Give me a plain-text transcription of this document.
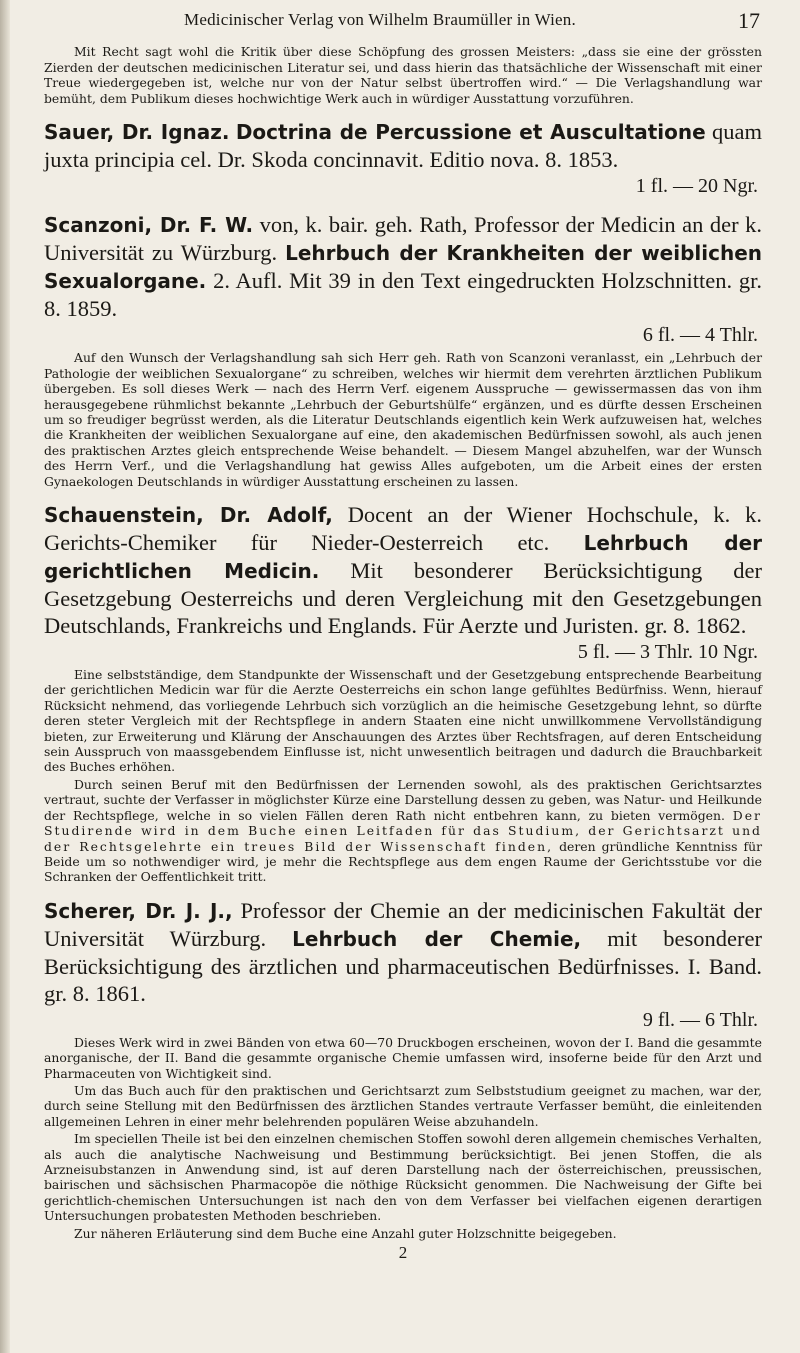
Medicinischer Verlag von Wilhelm Braumüller in Wien.	17

Mit Recht sagt wohl die Kritik über diese Schöpfung des grossen Meisters: „dass sie eine der grössten Zierden der deutschen medicinischen Literatur sei, und dass hierin das thatsächliche der Wissenschaft mit einer Treue wiedergegeben ist, welche nur von der Natur selbst übertroffen wird.“ — Die Verlagshandlung war bemüht, dem Publikum dieses hochwichtige Werk auch in würdiger Ausstattung vorzuführen.

Sauer, Dr. Ignaz. Doctrina de Percussione et Auscultatione quam juxta principia cel. Dr. Skoda concinnavit. Editio nova. 8. 1853.

1 fl. — 20 Ngr.

Scanzoni, Dr. F. W. von, k. bair. geh. Rath, Professor der Medicin an der k. Universität zu Würzburg. Lehrbuch der Krankheiten der weiblichen Sexualorgane. 2. Aufl. Mit 39 in den Text eingedruckten Holzschnitten. gr. 8. 1859.

6 fl. — 4 Thlr.

Auf den Wunsch der Verlagshandlung sah sich Herr geh. Rath von Scanzoni veranlasst, ein „Lehrbuch der Pathologie der weiblichen Sexualorgane“ zu schreiben, welches wir hiermit dem verehrten ärztlichen Publikum übergeben. Es soll dieses Werk — nach des Herrn Verf. eigenem Ausspruche — gewissermassen das von ihm herausgegebene rühmlichst bekannte „Lehrbuch der Geburtshülfe“ ergänzen, und es dürfte dessen Erscheinen um so freudiger begrüsst werden, als die Literatur Deutschlands eigentlich kein Werk aufzuweisen hat, welches die Krankheiten der weiblichen Sexualorgane auf eine, den akademischen Bedürfnissen sowohl, als auch jenen des praktischen Arztes gleich entsprechende Weise behandelt. — Diesem Mangel abzuhelfen, war der Wunsch des Herrn Verf., und die Verlagshandlung hat gewiss Alles aufgeboten, um die Arbeit eines der ersten Gynaekologen Deutschlands in würdiger Ausstattung erscheinen zu lassen.

Schauenstein, Dr. Adolf, Docent an der Wiener Hochschule, k. k. Gerichts-Chemiker für Nieder-Oesterreich etc. Lehrbuch der gerichtlichen Medicin. Mit besonderer Berücksichtigung der Gesetzgebung Oesterreichs und deren Vergleichung mit den Gesetzgebungen Deutschlands, Frankreichs und Englands. Für Aerzte und Juristen. gr. 8. 1862.

5 fl. — 3 Thlr. 10 Ngr.

Eine selbstständige, dem Standpunkte der Wissenschaft und der Gesetzgebung entsprechende Bearbeitung der gerichtlichen Medicin war für die Aerzte Oesterreichs ein schon lange gefühltes Bedürfniss. Wenn, hierauf Rücksicht nehmend, das vorliegende Lehrbuch sich vorzüglich an die heimische Gesetzgebung lehnt, so dürfte deren steter Vergleich mit der Rechtspflege in andern Staaten eine nicht unwillkommene Vervollständigung bieten, zur Erweiterung und Klärung der Anschauungen des Arztes über Rechtsfragen, auf deren Entscheidung sein Ausspruch von maassgebendem Einflusse ist, nicht unwesentlich beitragen und dadurch die Brauchbarkeit des Buches erhöhen.

Durch seinen Beruf mit den Bedürfnissen der Lernenden sowohl, als des praktischen Gerichtsarztes vertraut, suchte der Verfasser in möglichster Kürze eine Darstellung dessen zu geben, was Natur- und Heilkunde der Rechtspflege, welche in so vielen Fällen deren Rath nicht entbehren kann, zu bieten vermögen. Der Studirende wird in dem Buche einen Leitfaden für das Studium, der Gerichtsarzt und der Rechtsgelehrte ein treues Bild der Wissenschaft finden, deren gründliche Kenntniss für Beide um so nothwendiger wird, je mehr die Rechtspflege aus dem engen Raume der Gerichtsstube vor die Schranken der Oeffentlichkeit tritt.

Scherer, Dr. J. J., Professor der Chemie an der medicinischen Fakultät der Universität Würzburg. Lehrbuch der Chemie, mit besonderer Berücksichtigung des ärztlichen und pharmaceutischen Bedürfnisses. I. Band. gr. 8. 1861.

9 fl. — 6 Thlr.

Dieses Werk wird in zwei Bänden von etwa 60—70 Druckbogen erscheinen, wovon der I. Band die gesammte anorganische, der II. Band die gesammte organische Chemie umfassen wird, insoferne beide für den Arzt und Pharmaceuten von Wichtigkeit sind.

Um das Buch auch für den praktischen und Gerichtsarzt zum Selbststudium geeignet zu machen, war der, durch seine Stellung mit den Bedürfnissen des ärztlichen Standes vertraute Verfasser bemüht, die einleitenden allgemeinen Lehren in einer mehr belehrenden populären Weise abzuhandeln.

Im speciellen Theile ist bei den einzelnen chemischen Stoffen sowohl deren allgemein chemisches Verhalten, als auch die analytische Nachweisung und Bestimmung berücksichtigt. Bei jenen Stoffen, die als Arzneisubstanzen in Anwendung sind, ist auf deren Darstellung nach der österreichischen, preussischen, bairischen und sächsischen Pharmacopöe die nöthige Rücksicht genommen. Die Nachweisung der Gifte bei gerichtlich-chemischen Untersuchungen ist nach den von dem Verfasser bei vielfachen eigenen derartigen Untersuchungen probatesten Methoden beschrieben.

Zur näheren Erläuterung sind dem Buche eine Anzahl guter Holzschnitte beigegeben.

2
